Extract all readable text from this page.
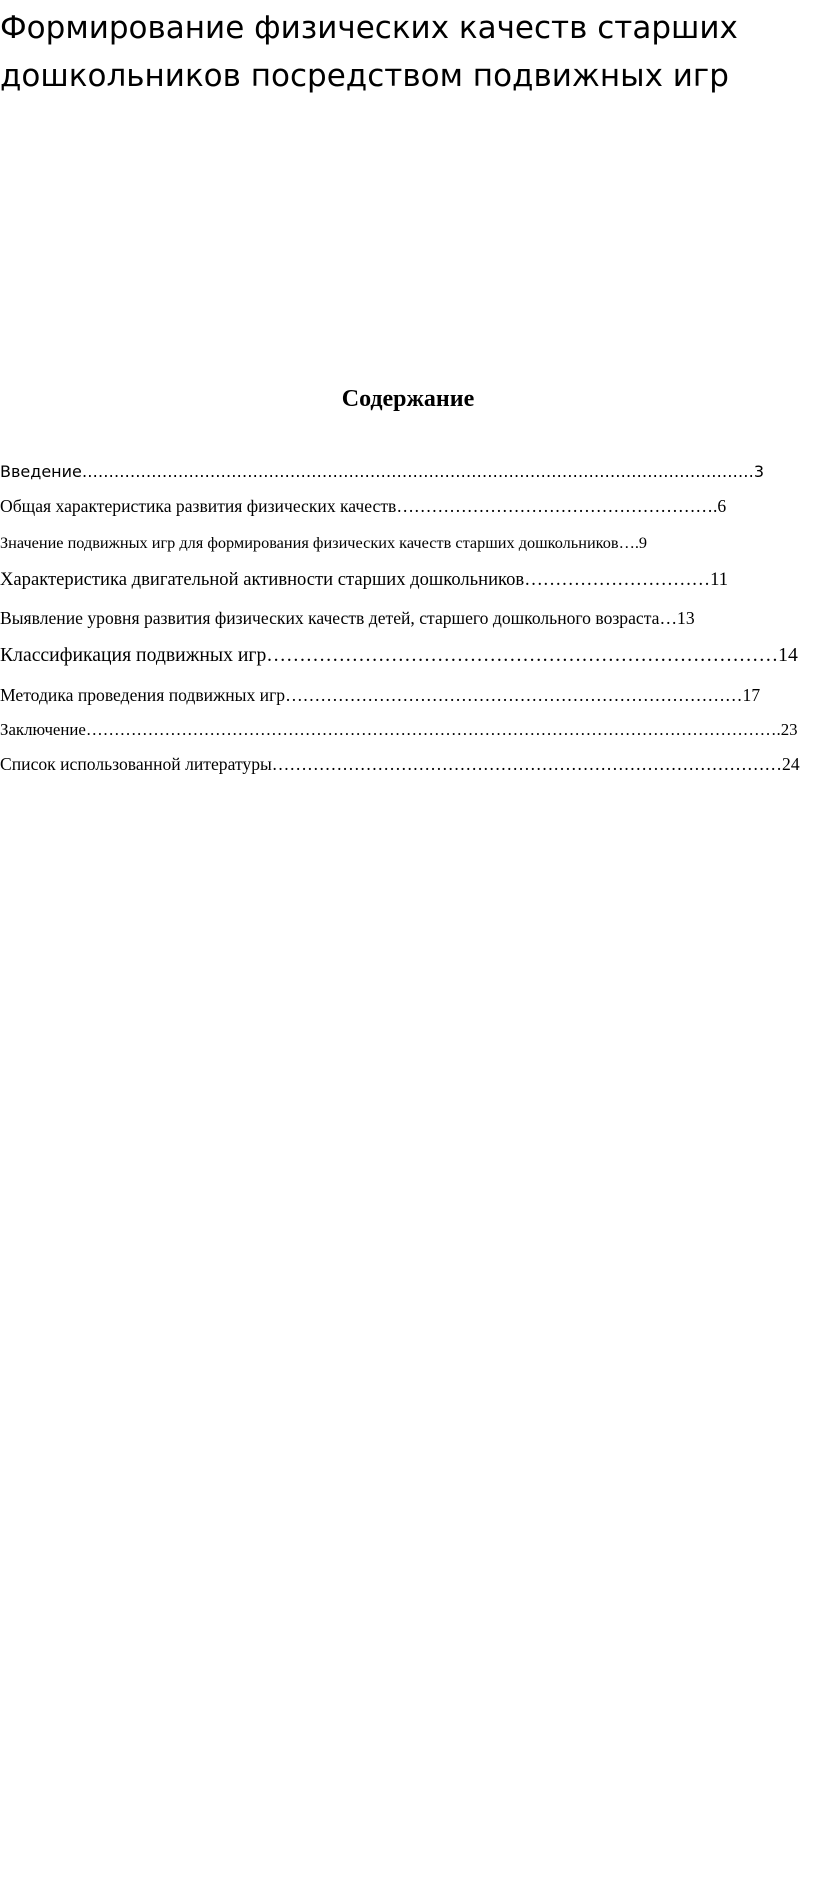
Формирование физических качеств старших дошкольников посредством подвижных игр
Содержание
Введение………………………………………………………………………………………………………………3
Общая характеристика развития физических качеств……………………………………………….6
Значение подвижных игр для формирования физических качеств старших дошкольников….9
Характеристика двигательной активности старших дошкольников…………………………11
Выявление уровня развития физических качеств детей, старшего дошкольного возраста…13
Классификация подвижных игр……………………………………………………………………14
Методика проведения подвижных игр……………………………………………………………………17
Заключение…………………………………………………………………………………………………………….23
Список использованной литературы……………………………………………………………………………24
